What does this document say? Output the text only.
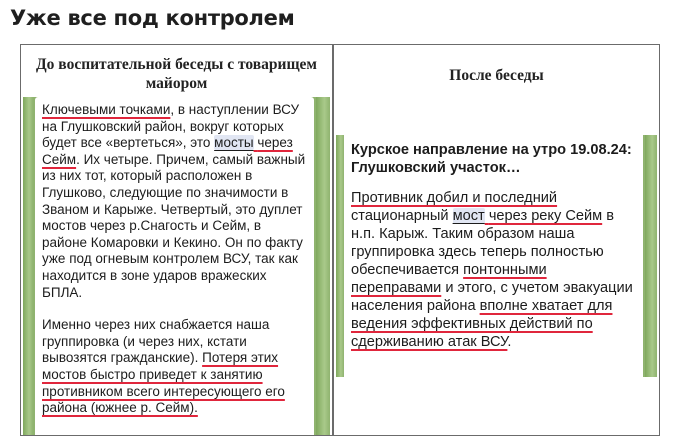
Уже все под контролем
До воспитательной беседы с товарищем майором

Ключевыми точками, в наступлении ВСУ на Глушковский район, вокруг которых будет все «вертеться», это мосты через Сейм. Их четыре. Причем, самый важный из них тот, который расположен в Глушково, следующие по значимости в Званом и Карыже. Четвертый, это дуплет мостов через р.Снагость и Сейм, в районе Комаровки и Кекино. Он по факту уже под огневым контролем ВСУ, так как находится в зоне ударов вражеских БПЛА.

Именно через них снабжается наша группировка (и через них, кстати вывозятся гражданские). Потеря этих мостов быстро приведет к занятию противником всего интересующего его района (южнее р. Сейм).

После беседы

Курское направление на утро 19.08.24: Глушковский участок…

Противник добил и последний стационарный мост через реку Сейм в н.п. Карыж. Таким образом наша группировка здесь теперь полностью обеспечивается понтонными переправами и этого, с учетом эвакуации населения района вполне хватает для ведения эффективных действий по сдерживанию атак ВСУ.
